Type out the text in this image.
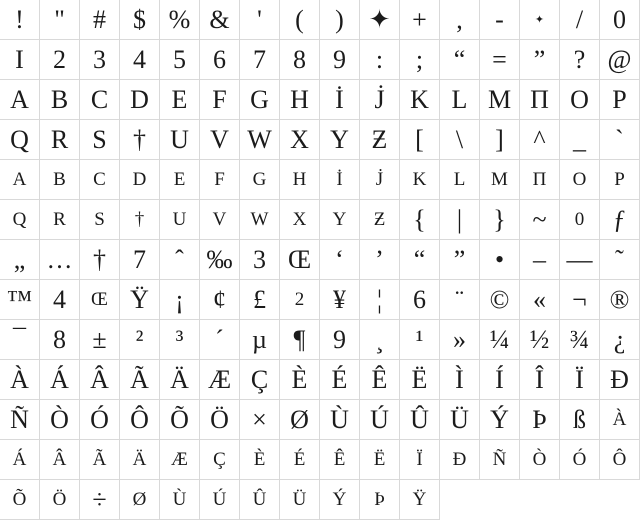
!	"	#	$ % &	'	(	) ✦ +	,	-	✦	/	0
I	2	3	4	5	6	7	8	9	:	;	“	=	”	? @
A B C D E F G H	İ	J̇ K L M Π O P
Q R S	† U V W X Y Ƶ	[	\	]	^	_	`
A	B	C	D	E	F	G	H	İ	J̇	K	L	M	Π	O	P
Q	R	S	†	U	V	W	X	Y	Ƶ	{	|	}	~	0	ƒ
„ … †	7	ˆ ‰ 3 Œ ‘	’	“	”	•	– — ˜
™ 4	Œ Ÿ	¡	¢	£	2	¥	¦	6	¨ © «	¬ ®
¯	8	±	²	³	´	µ	¶	9	¸	¹	» ¼ ½ ¾ ¿
À Á Â Ã Ä Æ Ç È É Ê Ë	Ì	Í	Î	Ï	Ð
Ñ Ò Ó Ô Õ Ö × Ø Ù Ú Û Ü Ý Þ	ß	À
Á	Â	Ã	Ä	Æ	Ç	È	É	Ê	Ë	Ï	Ð	Ñ	Ò	Ó	Ô
Õ	Ö	÷	Ø	Ù	Ú	Û	Ü	Ý	Þ	Ÿ
